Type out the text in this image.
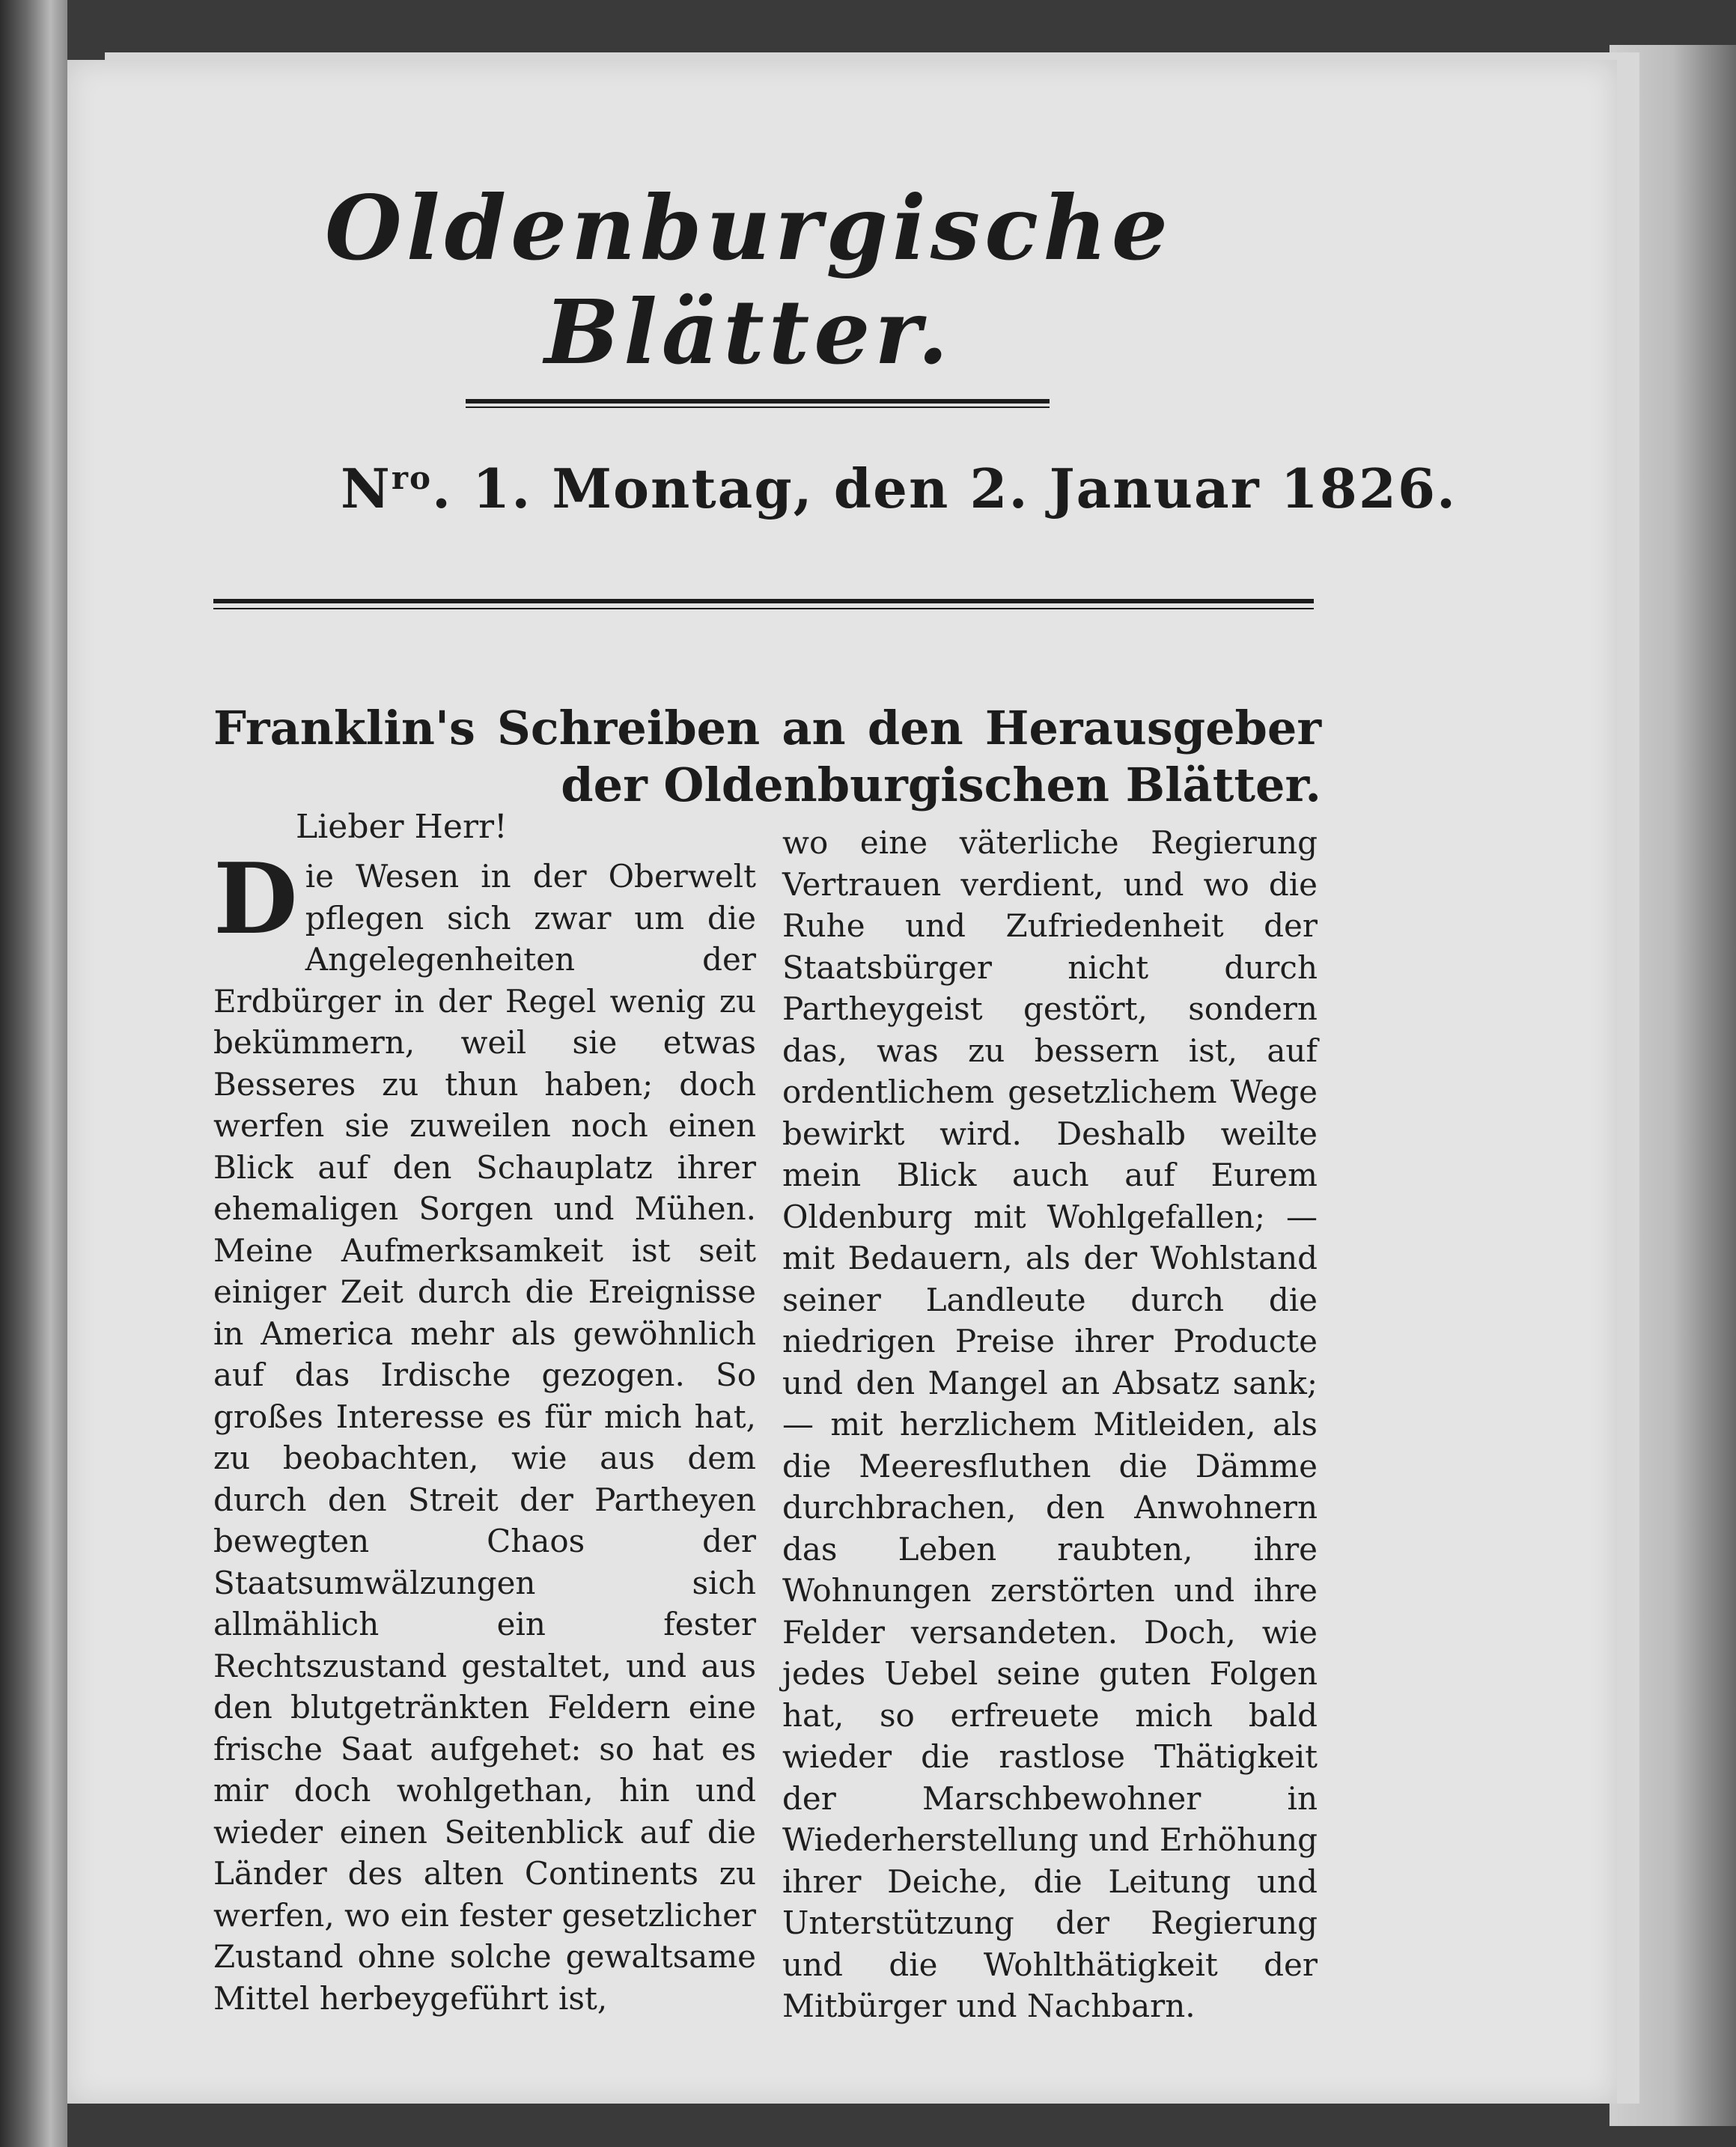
Oldenburgische Blätter.
$N^{ro}$. 1. Montag, den 2. Januar 1826.
Franklin's Schreiben an den Herausgeber der Oldenburgischen Blätter.
Lieber Herr!

Die Wesen in der Oberwelt pflegen sich zwar um die Angelegenheiten der Erdbürger in der Regel wenig zu bekümmern, weil sie etwas Besseres zu thun haben; doch werfen sie zuweilen noch einen Blick auf den Schauplatz ihrer ehemaligen Sorgen und Mühen. Meine Aufmerksamkeit ist seit einiger Zeit durch die Ereignisse in America mehr als gewöhnlich auf das Irdische gezogen. So großes Interesse es für mich hat, zu beobachten, wie aus dem durch den Streit der Partheyen bewegten Chaos der Staatsumwälzungen sich allmählich ein fester Rechtszustand gestaltet, und aus den blutgetränkten Feldern eine frische Saat aufgehet: so hat es mir doch wohlgethan, hin und wieder einen Seitenblick auf die Länder des alten Continents zu werfen, wo ein fester gesetzlicher Zustand ohne solche gewaltsame Mittel herbeygeführt ist,

wo eine väterliche Regierung Vertrauen verdient, und wo die Ruhe und Zufriedenheit der Staatsbürger nicht durch Partheygeist gestört, sondern das, was zu bessern ist, auf ordentlichem gesetzlichem Wege bewirkt wird. Deshalb weilte mein Blick auch auf Eurem Oldenburg mit Wohlgefallen; — mit Bedauern, als der Wohlstand seiner Landleute durch die niedrigen Preise ihrer Producte und den Mangel an Absatz sank; — mit herzlichem Mitleiden, als die Meeresfluthen die Dämme durchbrachen, den Anwohnern das Leben raubten, ihre Wohnungen zerstörten und ihre Felder versandeten. Doch, wie jedes Uebel seine guten Folgen hat, so erfreuete mich bald wieder die rastlose Thätigkeit der Marschbewohner in Wiederherstellung und Erhöhung ihrer Deiche, die Leitung und Unterstützung der Regierung und die Wohlthätigkeit der Mitbürger und Nachbarn.
